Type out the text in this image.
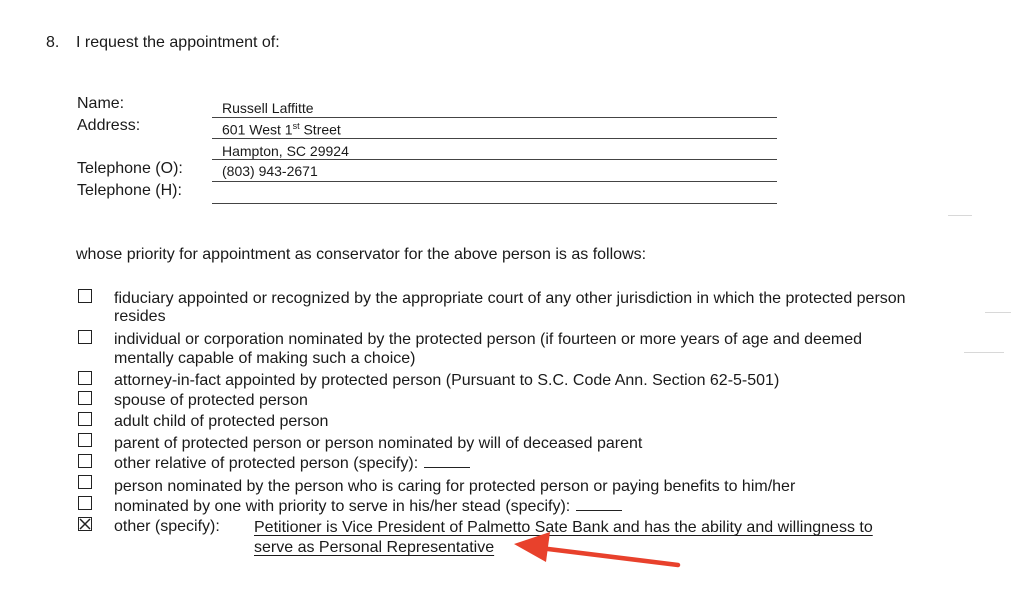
8. I request the appointment of:
Name:
Address:
Telephone (O):
Telephone (H):
Russell Laffitte
601 West 1st Street
Hampton, SC 29924
(803) 943-2671
whose priority for appointment as conservator for the above person is as follows:
fiduciary appointed or recognized by the appropriate court of any other jurisdiction in which the protected person
resides
individual or corporation nominated by the protected person (if fourteen or more years of age and deemed
mentally capable of making such a choice)
attorney-in-fact appointed by protected person (Pursuant to S.C. Code Ann. Section 62-5-501)
spouse of protected person
adult child of protected person
parent of protected person or person nominated by will of deceased parent
other relative of protected person (specify):
person nominated by the person who is caring for protected person or paying benefits to him/her
nominated by one with priority to serve in his/her stead (specify):
other (specify): Petitioner is Vice President of Palmetto Sate Bank and has the ability and willingness to
serve as Personal Representative
